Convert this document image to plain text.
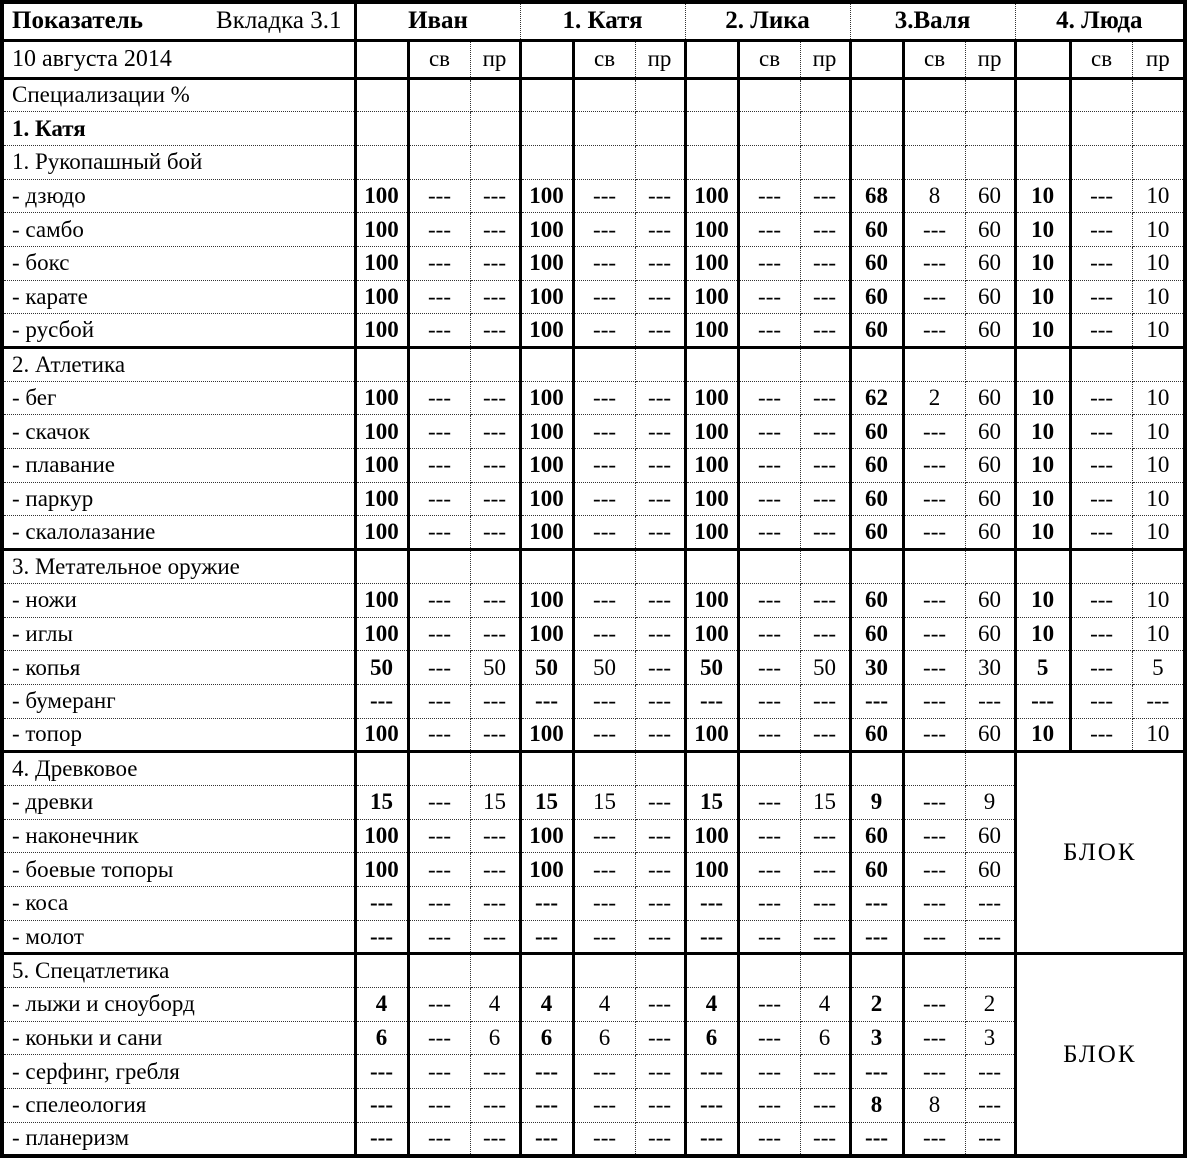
Показатель Вкладка 3.1	Иван			1. Катя			2. Лика			3.Валя			4. Люда		
10 августа 2014		св	пр		св	пр		св	пр		св	пр		св	пр
Специализации %															
1. Катя															
1. Рукопашный бой															
- дзюдо	100	---	---	100	---	---	100	---	---	68	8	60	10	---	10
- самбо	100	---	---	100	---	---	100	---	---	60	---	60	10	---	10
- бокс	100	---	---	100	---	---	100	---	---	60	---	60	10	---	10
- карате	100	---	---	100	---	---	100	---	---	60	---	60	10	---	10
- русбой	100	---	---	100	---	---	100	---	---	60	---	60	10	---	10
2. Атлетика															
- бег	100	---	---	100	---	---	100	---	---	62	2	60	10	---	10
- скачок	100	---	---	100	---	---	100	---	---	60	---	60	10	---	10
- плавание	100	---	---	100	---	---	100	---	---	60	---	60	10	---	10
- паркур	100	---	---	100	---	---	100	---	---	60	---	60	10	---	10
- скалолазание	100	---	---	100	---	---	100	---	---	60	---	60	10	---	10
3. Метательное оружие															
- ножи	100	---	---	100	---	---	100	---	---	60	---	60	10	---	10
- иглы	100	---	---	100	---	---	100	---	---	60	---	60	10	---	10
- копья	50	---	50	50	50	---	50	---	50	30	---	30	5	---	5
- бумеранг	---	---	---	---	---	---	---	---	---	---	---	---	---	---	---
- топор	100	---	---	100	---	---	100	---	---	60	---	60	10	---	10
4. Древковое													БЛОК		
- древки	15	---	15	15	15	---	15	---	15	9	---	9			
- наконечник	100	---	---	100	---	---	100	---	---	60	---	60			
- боевые топоры	100	---	---	100	---	---	100	---	---	60	---	60			
- коса	---	---	---	---	---	---	---	---	---	---	---	---			
- молот	---	---	---	---	---	---	---	---	---	---	---	---			
5. Спецатлетика													БЛОК		
- лыжи и сноуборд	4	---	4	4	4	---	4	---	4	2	---	2			
- коньки и сани	6	---	6	6	6	---	6	---	6	3	---	3			
- серфинг, гребля	---	---	---	---	---	---	---	---	---	---	---	---			
- спелеология	---	---	---	---	---	---	---	---	---	8	8	---			
- планеризм	---	---	---	---	---	---	---	---	---	---	---	---			
